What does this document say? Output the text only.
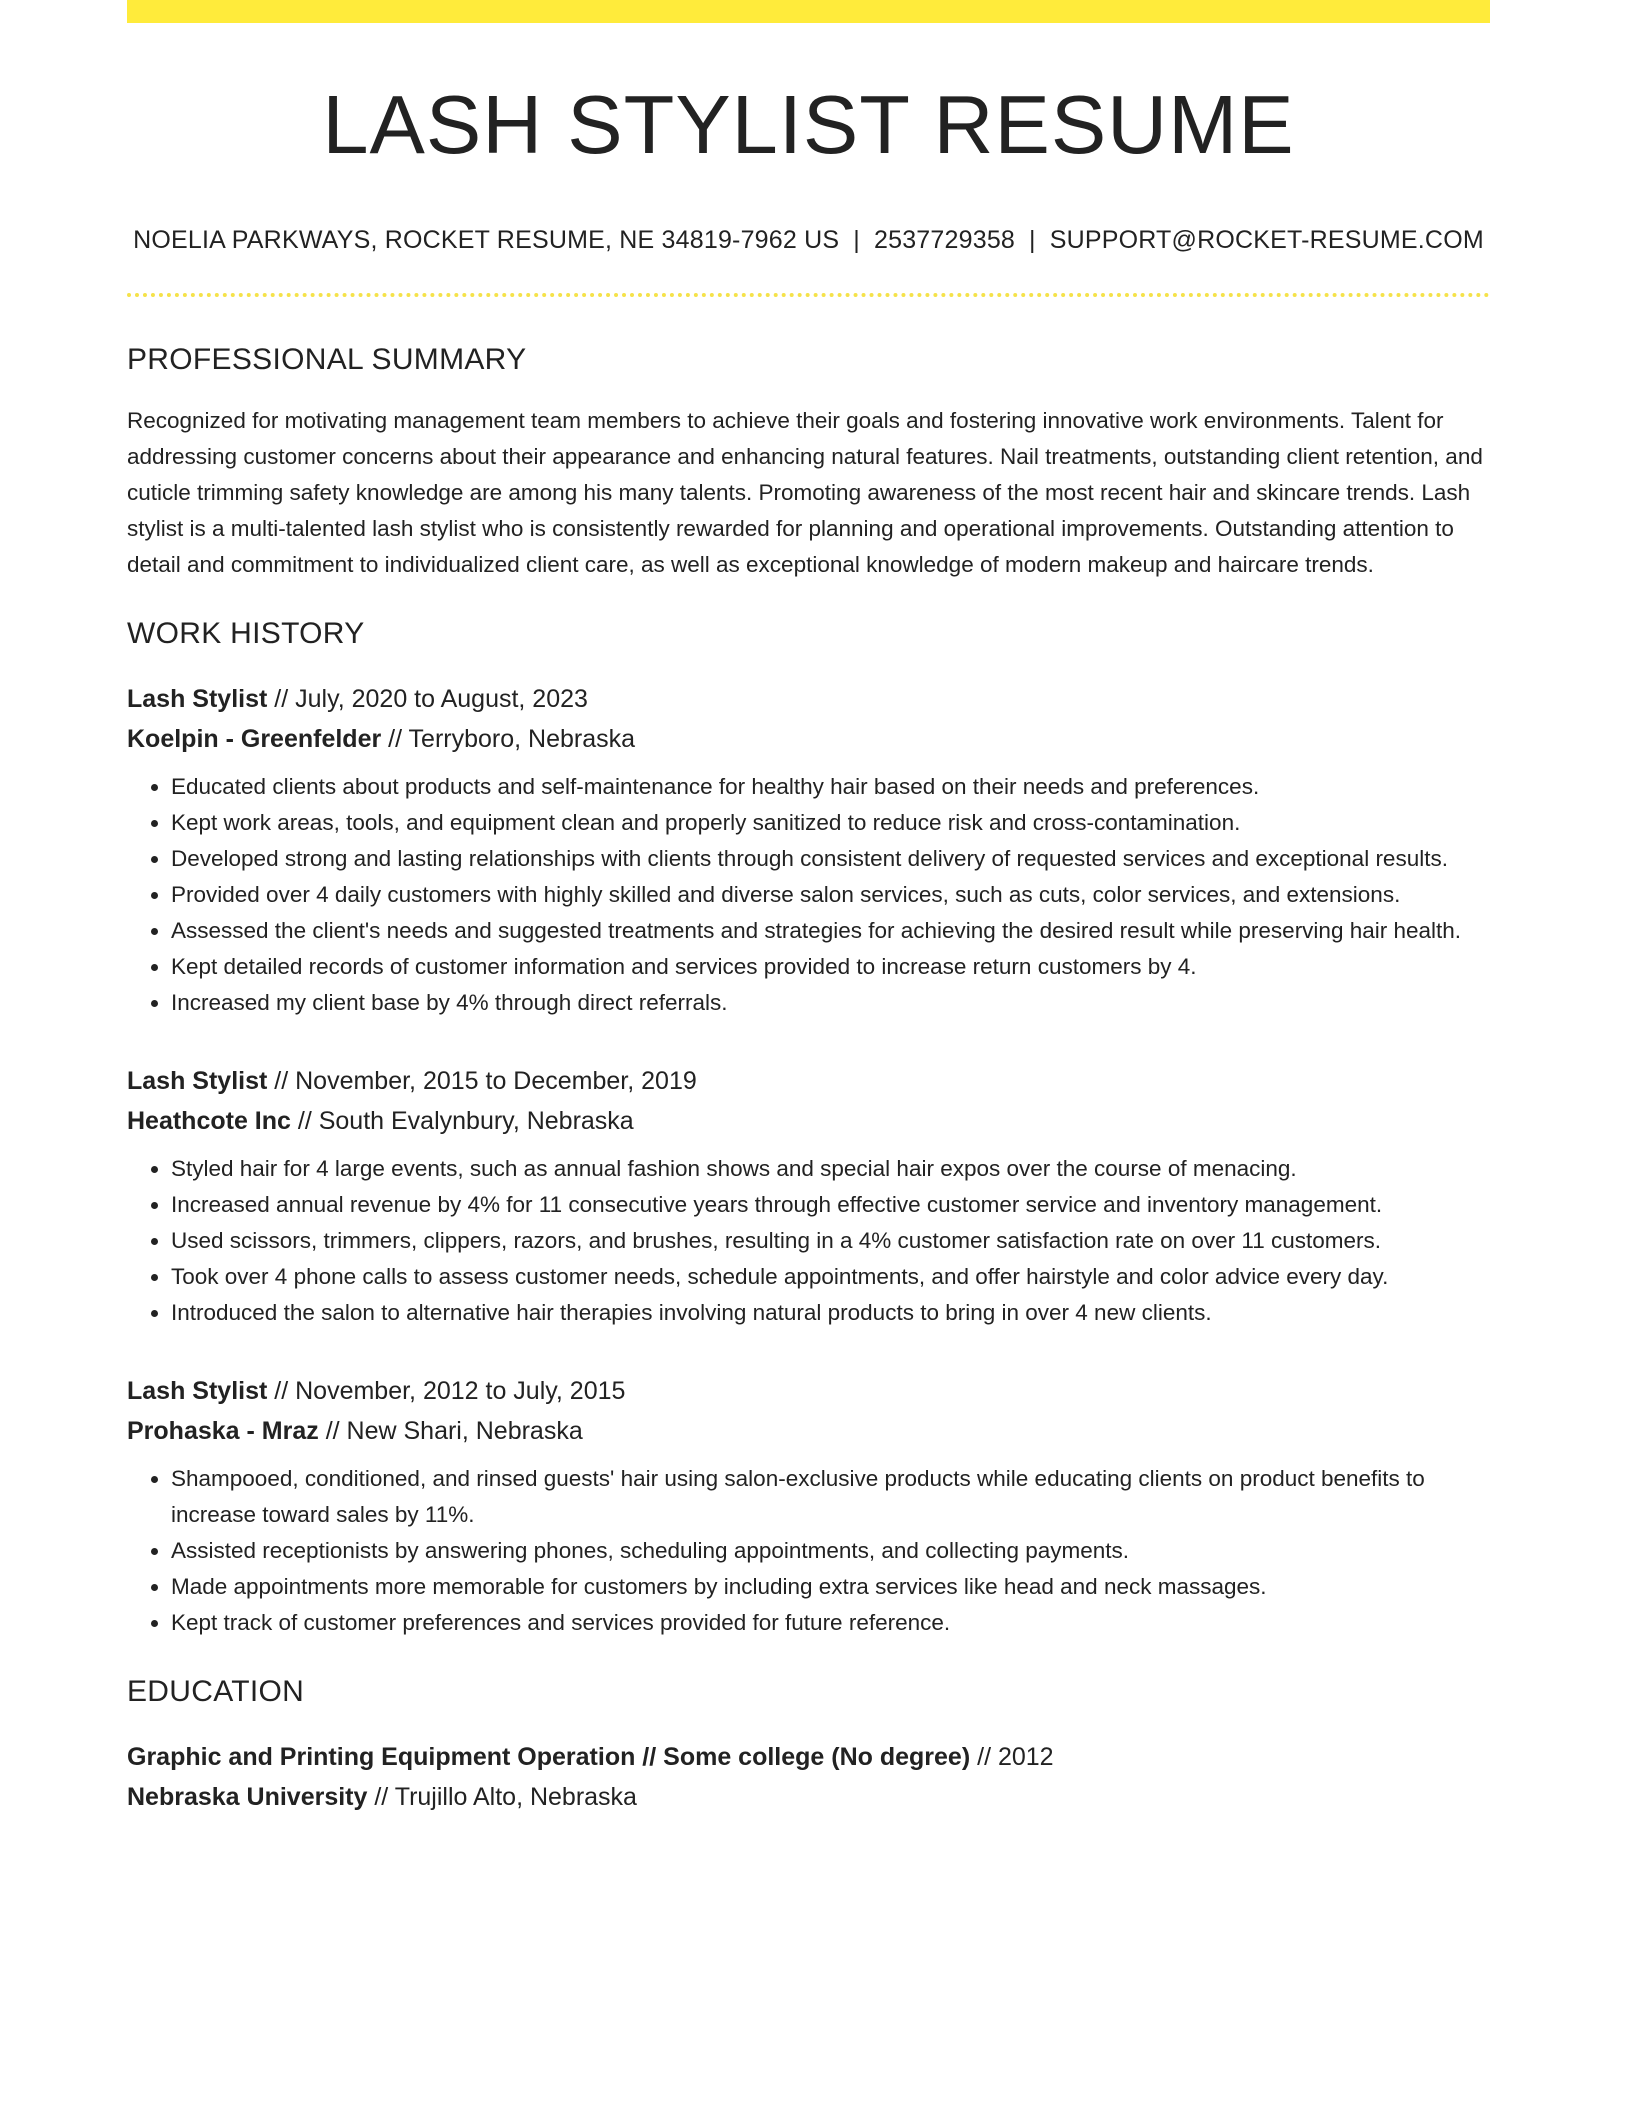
LASH STYLIST RESUME
NOELIA PARKWAYS, ROCKET RESUME, NE 34819-7962 US | 2537729358 | SUPPORT@ROCKET-RESUME.COM
PROFESSIONAL SUMMARY

Recognized for motivating management team members to achieve their goals and fostering innovative work environments. Talent for addressing customer concerns about their appearance and enhancing natural features. Nail treatments, outstanding client retention, and cuticle trimming safety knowledge are among his many talents. Promoting awareness of the most recent hair and skincare trends. Lash stylist is a multi-talented lash stylist who is consistently rewarded for planning and operational improvements. Outstanding attention to detail and commitment to individualized client care, as well as exceptional knowledge of modern makeup and haircare trends.

WORK HISTORY
Lash Stylist // July, 2020 to August, 2023
Koelpin - Greenfelder // Terryboro, Nebraska
• Educated clients about products and self-maintenance for healthy hair based on their needs and preferences.
• Kept work areas, tools, and equipment clean and properly sanitized to reduce risk and cross-contamination.
• Developed strong and lasting relationships with clients through consistent delivery of requested services and exceptional results.
• Provided over 4 daily customers with highly skilled and diverse salon services, such as cuts, color services, and extensions.
• Assessed the client's needs and suggested treatments and strategies for achieving the desired result while preserving hair health.
• Kept detailed records of customer information and services provided to increase return customers by 4.
• Increased my client base by 4% through direct referrals.
Lash Stylist // November, 2015 to December, 2019
Heathcote Inc // South Evalynbury, Nebraska
• Styled hair for 4 large events, such as annual fashion shows and special hair expos over the course of menacing.
• Increased annual revenue by 4% for 11 consecutive years through effective customer service and inventory management.
• Used scissors, trimmers, clippers, razors, and brushes, resulting in a 4% customer satisfaction rate on over 11 customers.
• Took over 4 phone calls to assess customer needs, schedule appointments, and offer hairstyle and color advice every day.
• Introduced the salon to alternative hair therapies involving natural products to bring in over 4 new clients.
Lash Stylist // November, 2012 to July, 2015
Prohaska - Mraz // New Shari, Nebraska
• Shampooed, conditioned, and rinsed guests' hair using salon-exclusive products while educating clients on product benefits to increase toward sales by 11%.
• Assisted receptionists by answering phones, scheduling appointments, and collecting payments.
• Made appointments more memorable for customers by including extra services like head and neck massages.
• Kept track of customer preferences and services provided for future reference.
EDUCATION
Graphic and Printing Equipment Operation // Some college (No degree) // 2012
Nebraska University // Trujillo Alto, Nebraska
